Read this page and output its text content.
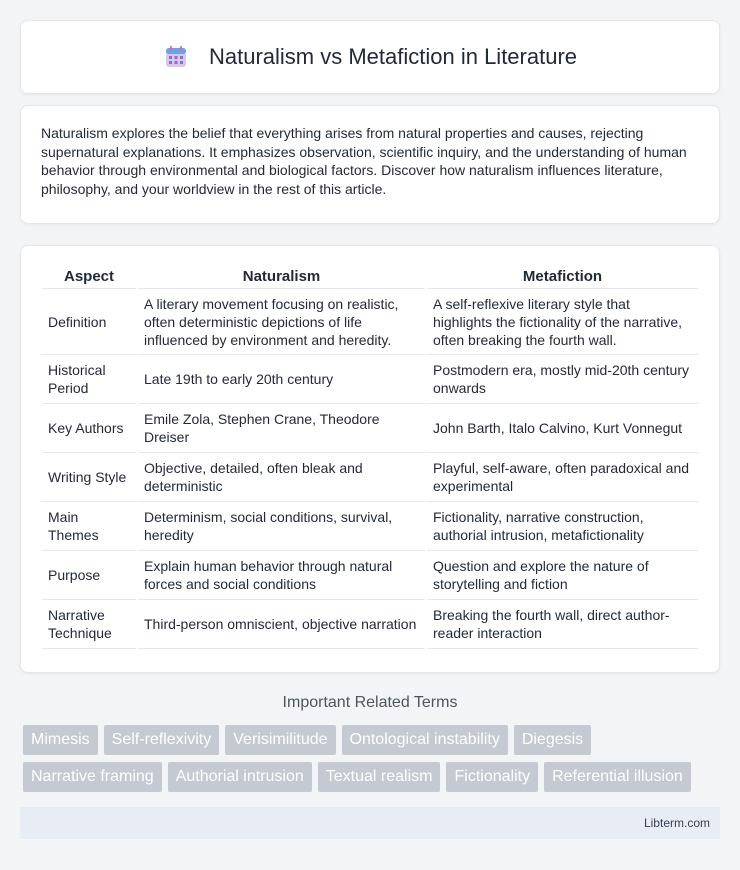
Naturalism vs Metafiction in Literature

Naturalism explores the belief that everything arises from natural properties and causes, rejecting supernatural explanations. It emphasizes observation, scientific inquiry, and the understanding of human behavior through environmental and biological factors. Discover how naturalism influences literature, philosophy, and your worldview in the rest of this article.

Aspect	Naturalism	Metafiction
Definition	A literary movement focusing on realistic, often deterministic depictions of life influenced by environment and heredity.	A self-reflexive literary style that highlights the fictionality of the narrative, often breaking the fourth wall.
Historical Period	Late 19th to early 20th century	Postmodern era, mostly mid-20th century onwards
Key Authors	Emile Zola, Stephen Crane, Theodore Dreiser	John Barth, Italo Calvino, Kurt Vonnegut
Writing Style	Objective, detailed, often bleak and deterministic	Playful, self-aware, often paradoxical and experimental
Main Themes	Determinism, social conditions, survival, heredity	Fictionality, narrative construction, authorial intrusion, metafictionality
Purpose	Explain human behavior through natural forces and social conditions	Question and explore the nature of storytelling and fiction
Narrative Technique	Third-person omniscient, objective narration	Breaking the fourth wall, direct author-reader interaction
Important Related Terms
Mimesis	Self-reflexivity	Verisimilitude	Ontological instability	Diegesis
Narrative framing	Authorial intrusion	Textual realism	Fictionality	Referential illusion
Libterm.com
